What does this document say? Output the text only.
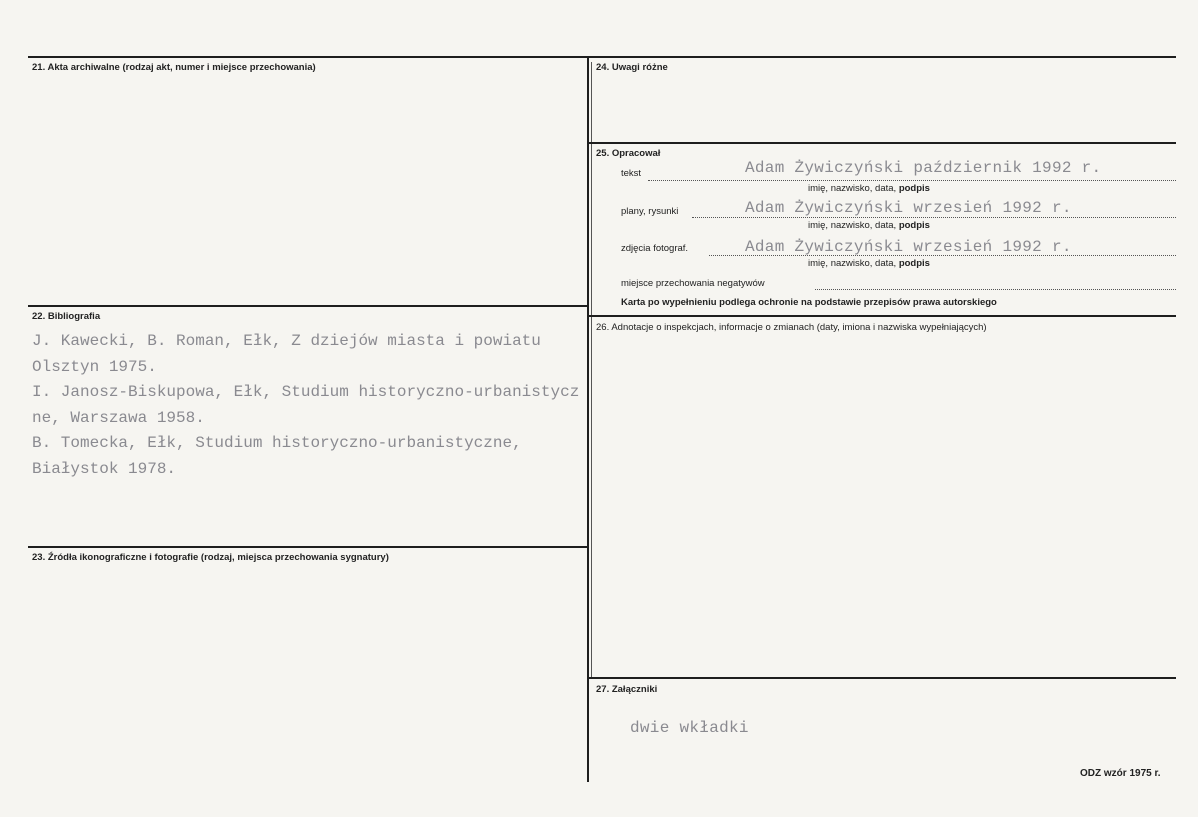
21. Akta archiwalne (rodzaj akt, numer i miejsce przechowania)
22. Bibliografia
J. Kawecki, B. Roman, Ełk, Z dziejów miasta i powiatu
Olsztyn 1975.
I. Janosz-Biskupowa, Ełk, Studium historyczno-urbanistycz
ne, Warszawa 1958.
B. Tomecka, Ełk, Studium historyczno-urbanistyczne,
Białystok 1978.
23. Źródła ikonograficzne i fotografie (rodzaj, miejsca przechowania sygnatury)
24. Uwagi różne
25. Opracował
tekst	Adam Żywiczyński październik 1992 r.
imię, nazwisko, data, podpis
plany, rysunki	Adam Żywiczyński wrzesień 1992 r.
imię, nazwisko, data, podpis
zdjęcia fotograf.	Adam Żywiczyński wrzesień 1992 r.
imię, nazwisko, data, podpis
miejsce przechowania negatywów
Karta po wypełnieniu podlega ochronie na podstawie przepisów prawa autorskiego
26. Adnotacje o inspekcjach, informacje o zmianach (daty, imiona i nazwiska wypełniających)
27. Załączniki
dwie wkładki
ODZ wzór 1975 r.
